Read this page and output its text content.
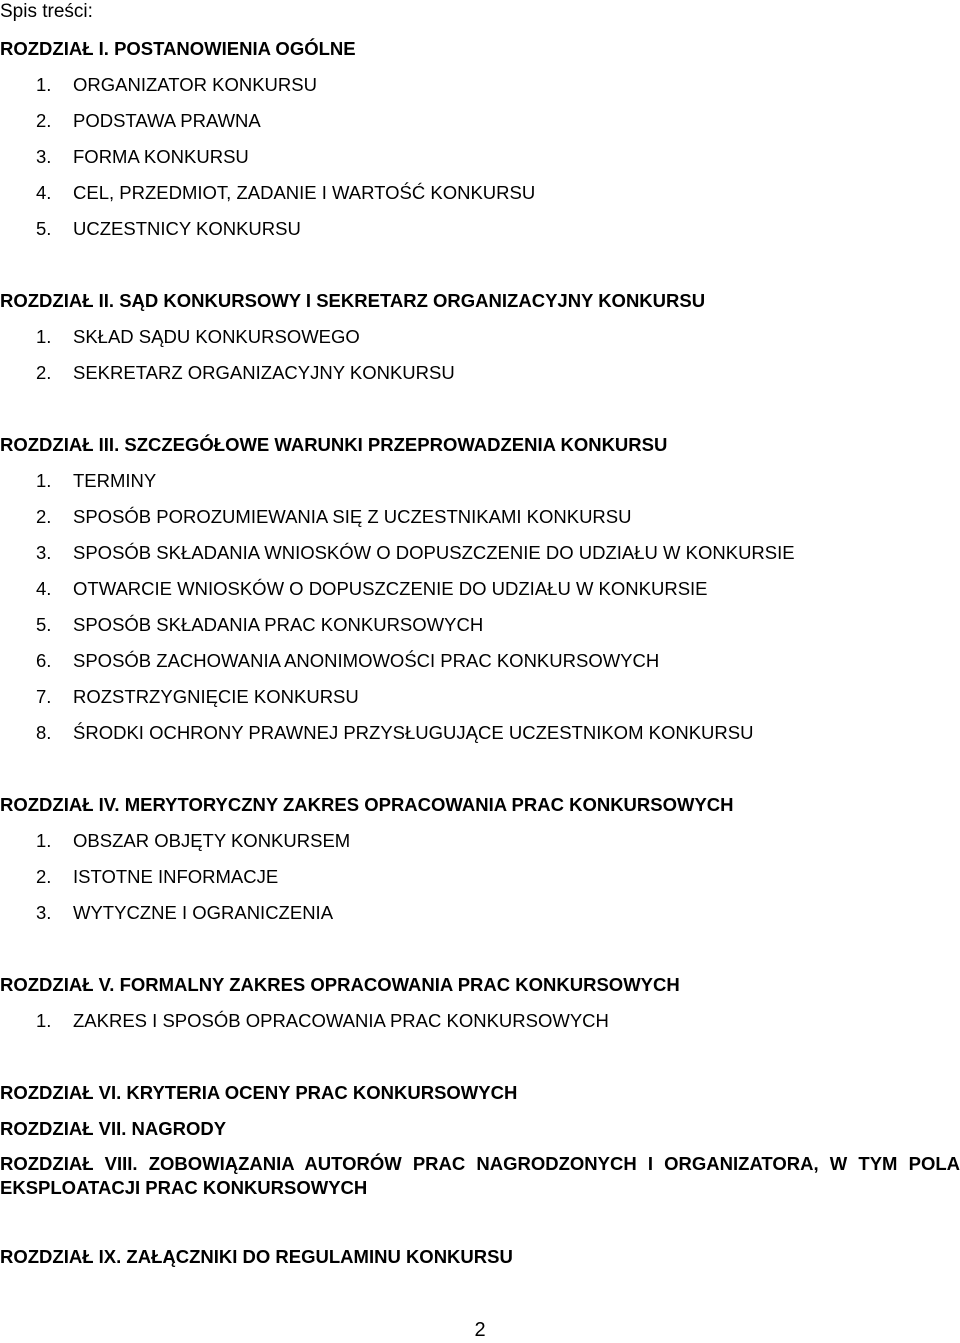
Spis treści:
ROZDZIAŁ I. POSTANOWIENIA OGÓLNE
1. ORGANIZATOR KONKURSU
2. PODSTAWA PRAWNA
3. FORMA KONKURSU
4. CEL, PRZEDMIOT, ZADANIE I WARTOŚĆ KONKURSU
5. UCZESTNICY KONKURSU
ROZDZIAŁ II. SĄD KONKURSOWY I SEKRETARZ ORGANIZACYJNY KONKURSU
1. SKŁAD SĄDU KONKURSOWEGO
2. SEKRETARZ ORGANIZACYJNY KONKURSU
ROZDZIAŁ III. SZCZEGÓŁOWE WARUNKI PRZEPROWADZENIA KONKURSU
1. TERMINY
2. SPOSÓB POROZUMIEWANIA SIĘ Z UCZESTNIKAMI KONKURSU
3. SPOSÓB SKŁADANIA WNIOSKÓW O DOPUSZCZENIE DO UDZIAŁU W KONKURSIE
4. OTWARCIE WNIOSKÓW O DOPUSZCZENIE DO UDZIAŁU W KONKURSIE
5. SPOSÓB SKŁADANIA PRAC KONKURSOWYCH
6. SPOSÓB ZACHOWANIA ANONIMOWOŚCI PRAC KONKURSOWYCH
7. ROZSTRZYGNIĘCIE KONKURSU
8. ŚRODKI OCHRONY PRAWNEJ PRZYSŁUGUJĄCE UCZESTNIKOM KONKURSU
ROZDZIAŁ IV. MERYTORYCZNY ZAKRES OPRACOWANIA PRAC KONKURSOWYCH
1. OBSZAR OBJĘTY KONKURSEM
2. ISTOTNE INFORMACJE
3. WYTYCZNE I OGRANICZENIA
ROZDZIAŁ V. FORMALNY ZAKRES OPRACOWANIA PRAC KONKURSOWYCH
1. ZAKRES I SPOSÓB OPRACOWANIA PRAC KONKURSOWYCH
ROZDZIAŁ VI. KRYTERIA OCENY PRAC KONKURSOWYCH
ROZDZIAŁ VII. NAGRODY
ROZDZIAŁ VIII. ZOBOWIĄZANIA AUTORÓW PRAC NAGRODZONYCH I ORGANIZATORA, W TYM POLA EKSPLOATACJI PRAC KONKURSOWYCH
ROZDZIAŁ IX. ZAŁĄCZNIKI DO REGULAMINU KONKURSU
2
